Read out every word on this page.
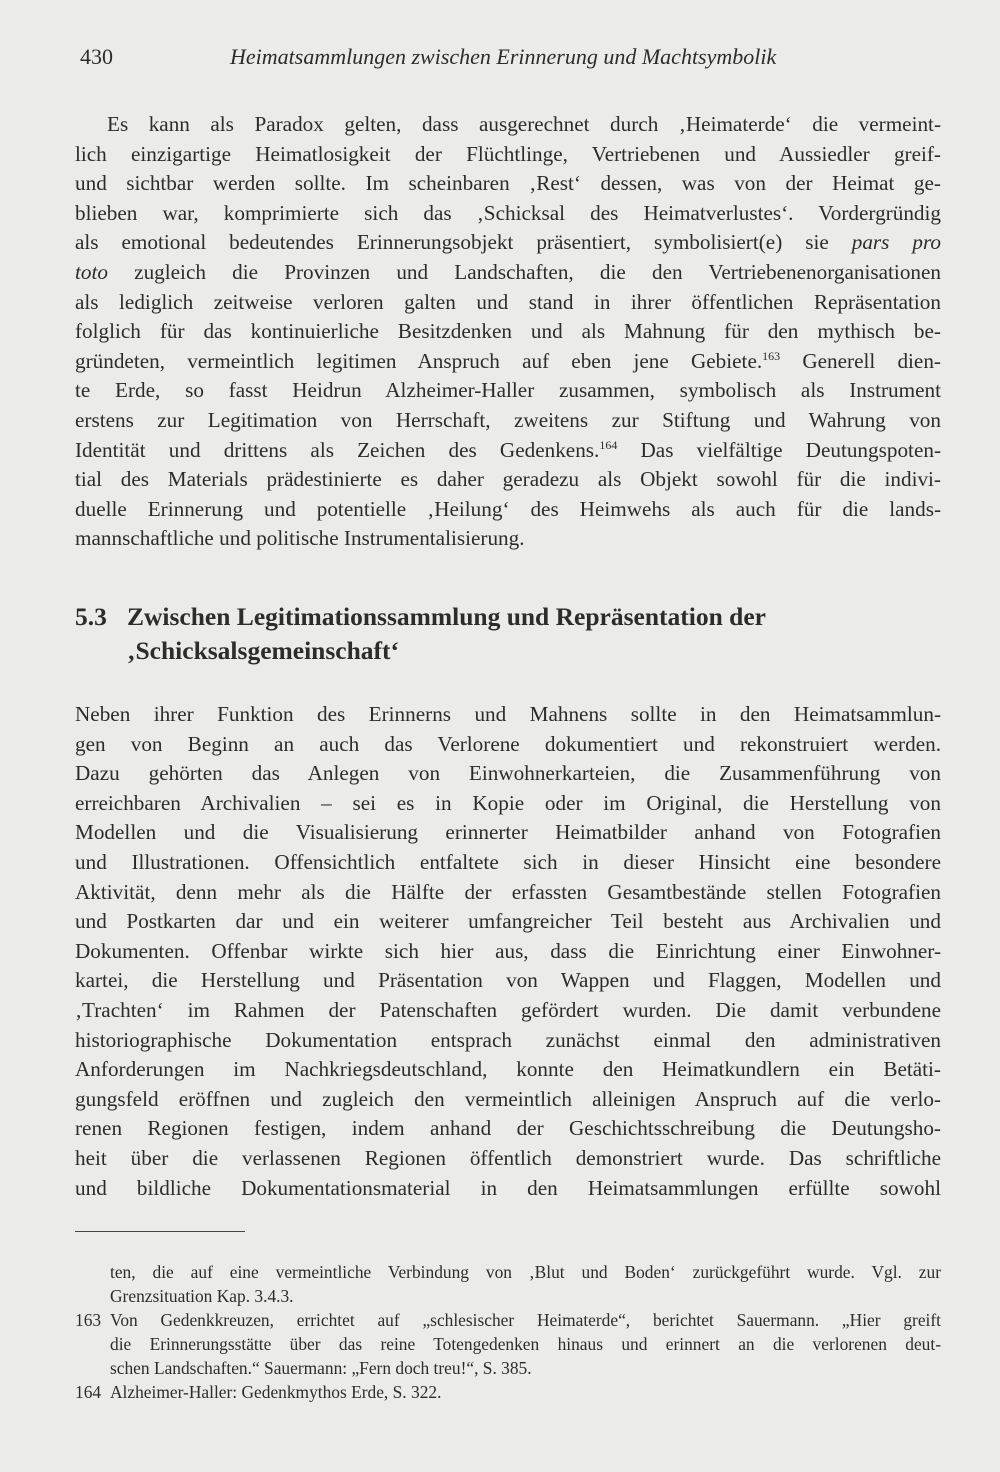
430	Heimatsammlungen zwischen Erinnerung und Machtsymbolik
Es kann als Paradox gelten, dass ausgerechnet durch ‚Heimaterde‘ die vermeint-
lich einzigartige Heimatlosigkeit der Flüchtlinge, Vertriebenen und Aussiedler greif-
und sichtbar werden sollte. Im scheinbaren ‚Rest‘ dessen, was von der Heimat ge-
blieben war, komprimierte sich das ‚Schicksal des Heimatverlustes‘. Vordergründig
als emotional bedeutendes Erinnerungsobjekt präsentiert, symbolisiert(e) sie pars pro
toto zugleich die Provinzen und Landschaften, die den Vertriebenenorganisationen
als lediglich zeitweise verloren galten und stand in ihrer öffentlichen Repräsentation
folglich für das kontinuierliche Besitzdenken und als Mahnung für den mythisch be-
gründeten, vermeintlich legitimen Anspruch auf eben jene Gebiete.$^{163}$ Generell dien-
te Erde, so fasst Heidrun Alzheimer-Haller zusammen, symbolisch als Instrument
erstens zur Legitimation von Herrschaft, zweitens zur Stiftung und Wahrung von
Identität und drittens als Zeichen des Gedenkens.$^{164}$ Das vielfältige Deutungspoten-
tial des Materials prädestinierte es daher geradezu als Objekt sowohl für die indivi-
duelle Erinnerung und potentielle ‚Heilung‘ des Heimwehs als auch für die lands-
mannschaftliche und politische Instrumentalisierung.
5.3 Zwischen Legitimationssammlung und Repräsentation der
‚Schicksalsgemeinschaft‘
Neben ihrer Funktion des Erinnerns und Mahnens sollte in den Heimatsammlun-
gen von Beginn an auch das Verlorene dokumentiert und rekonstruiert werden.
Dazu gehörten das Anlegen von Einwohnerkarteien, die Zusammenführung von
erreichbaren Archivalien – sei es in Kopie oder im Original, die Herstellung von
Modellen und die Visualisierung erinnerter Heimatbilder anhand von Fotografien
und Illustrationen. Offensichtlich entfaltete sich in dieser Hinsicht eine besondere
Aktivität, denn mehr als die Hälfte der erfassten Gesamtbestände stellen Fotografien
und Postkarten dar und ein weiterer umfangreicher Teil besteht aus Archivalien und
Dokumenten. Offenbar wirkte sich hier aus, dass die Einrichtung einer Einwohner-
kartei, die Herstellung und Präsentation von Wappen und Flaggen, Modellen und
‚Trachten‘ im Rahmen der Patenschaften gefördert wurden. Die damit verbundene
historiographische Dokumentation entsprach zunächst einmal den administrativen
Anforderungen im Nachkriegsdeutschland, konnte den Heimatkundlern ein Betäti-
gungsfeld eröffnen und zugleich den vermeintlich alleinigen Anspruch auf die verlo-
renen Regionen festigen, indem anhand der Geschichtsschreibung die Deutungsho-
heit über die verlassenen Regionen öffentlich demonstriert wurde. Das schriftliche
und bildliche Dokumentationsmaterial in den Heimatsammlungen erfüllte sowohl
ten, die auf eine vermeintliche Verbindung von ‚Blut und Boden‘ zurückgeführt wurde. Vgl. zur
Grenzsituation Kap. 3.4.3.
163 Von Gedenkkreuzen, errichtet auf „schlesischer Heimaterde“, berichtet Sauermann. „Hier greift
die Erinnerungsstätte über das reine Totengedenken hinaus und erinnert an die verlorenen deut-
schen Landschaften.“ Sauermann: „Fern doch treu!“, S. 385.
164 Alzheimer-Haller: Gedenkmythos Erde, S. 322.
